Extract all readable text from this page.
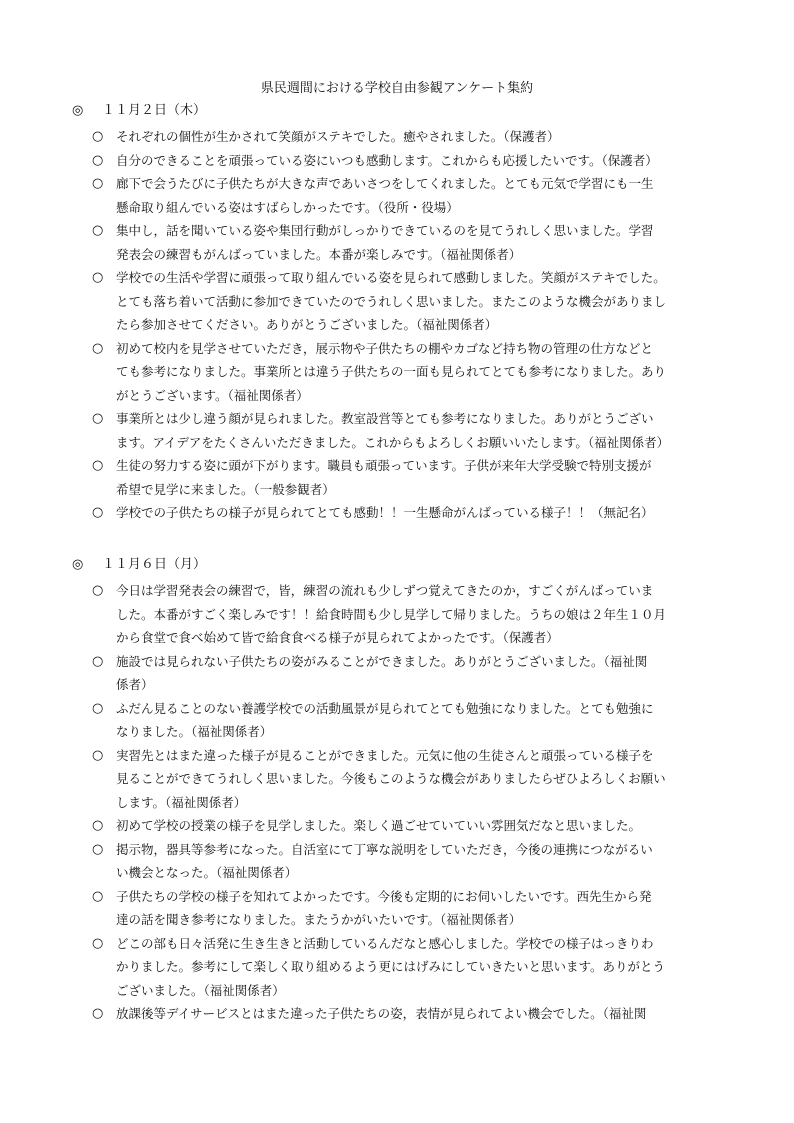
県民週間における学校自由参観アンケート集約
◎ １１月２日（木）
○	それぞれの個性が生かされて笑顔がステキでした。癒やされました。（保護者）
○	自分のできることを頑張っている姿にいつも感動します。これからも応援したいです。（保護者）
○	廊下で会うたびに子供たちが大きな声であいさつをしてくれました。とても元気で学習にも一生
懸命取り組んでいる姿はすばらしかったです。（役所・役場）
○	集中し，話を聞いている姿や集団行動がしっかりできているのを見てうれしく思いました。学習
発表会の練習もがんばっていました。本番が楽しみです。（福祉関係者）
○	学校での生活や学習に頑張って取り組んでいる姿を見られて感動しました。笑顔がステキでした。
とても落ち着いて活動に参加できていたのでうれしく思いました。またこのような機会がありまし
たら参加させてください。ありがとうございました。（福祉関係者）
○	初めて校内を見学させていただき，展示物や子供たちの棚やカゴなど持ち物の管理の仕方などと
ても参考になりました。事業所とは違う子供たちの一面も見られてとても参考になりました。あり
がとうございます。（福祉関係者）
○	事業所とは少し違う顔が見られました。教室設営等とても参考になりました。ありがとうござい
ます。アイデアをたくさんいただきました。これからもよろしくお願いいたします。（福祉関係者）
○	生徒の努力する姿に頭が下がります。職員も頑張っています。子供が来年大学受験で特別支援が
希望で見学に来ました。（一般参観者）
○	学校での子供たちの様子が見られてとても感動！！一生懸命がんばっている様子！！（無記名）
◎ １１月６日（月）
○	今日は学習発表会の練習で，皆，練習の流れも少しずつ覚えてきたのか，すごくがんばっていま
した。本番がすごく楽しみです！！給食時間も少し見学して帰りました。うちの娘は２年生１０月
から食堂で食べ始めて皆で給食食べる様子が見られてよかったです。（保護者）
○	施設では見られない子供たちの姿がみることができました。ありがとうございました。（福祉関
係者）
○	ふだん見ることのない養護学校での活動風景が見られてとても勉強になりました。とても勉強に
なりました。（福祉関係者）
○	実習先とはまた違った様子が見ることができました。元気に他の生徒さんと頑張っている様子を
見ることができてうれしく思いました。今後もこのような機会がありましたらぜひよろしくお願い
します。（福祉関係者）
○	初めて学校の授業の様子を見学しました。楽しく過ごせていていい雰囲気だなと思いました。
○	掲示物，器具等参考になった。自活室にて丁寧な説明をしていただき，今後の連携につながるい
い機会となった。（福祉関係者）
○	子供たちの学校の様子を知れてよかったです。今後も定期的にお伺いしたいです。西先生から発
達の話を聞き参考になりました。またうかがいたいです。（福祉関係者）
○	どこの部も日々活発に生き生きと活動しているんだなと感心しました。学校での様子はっきりわ
かりました。参考にして楽しく取り組めるよう更にはげみにしていきたいと思います。ありがとう
ございました。（福祉関係者）
○	放課後等デイサービスとはまた違った子供たちの姿，表情が見られてよい機会でした。（福祉関
